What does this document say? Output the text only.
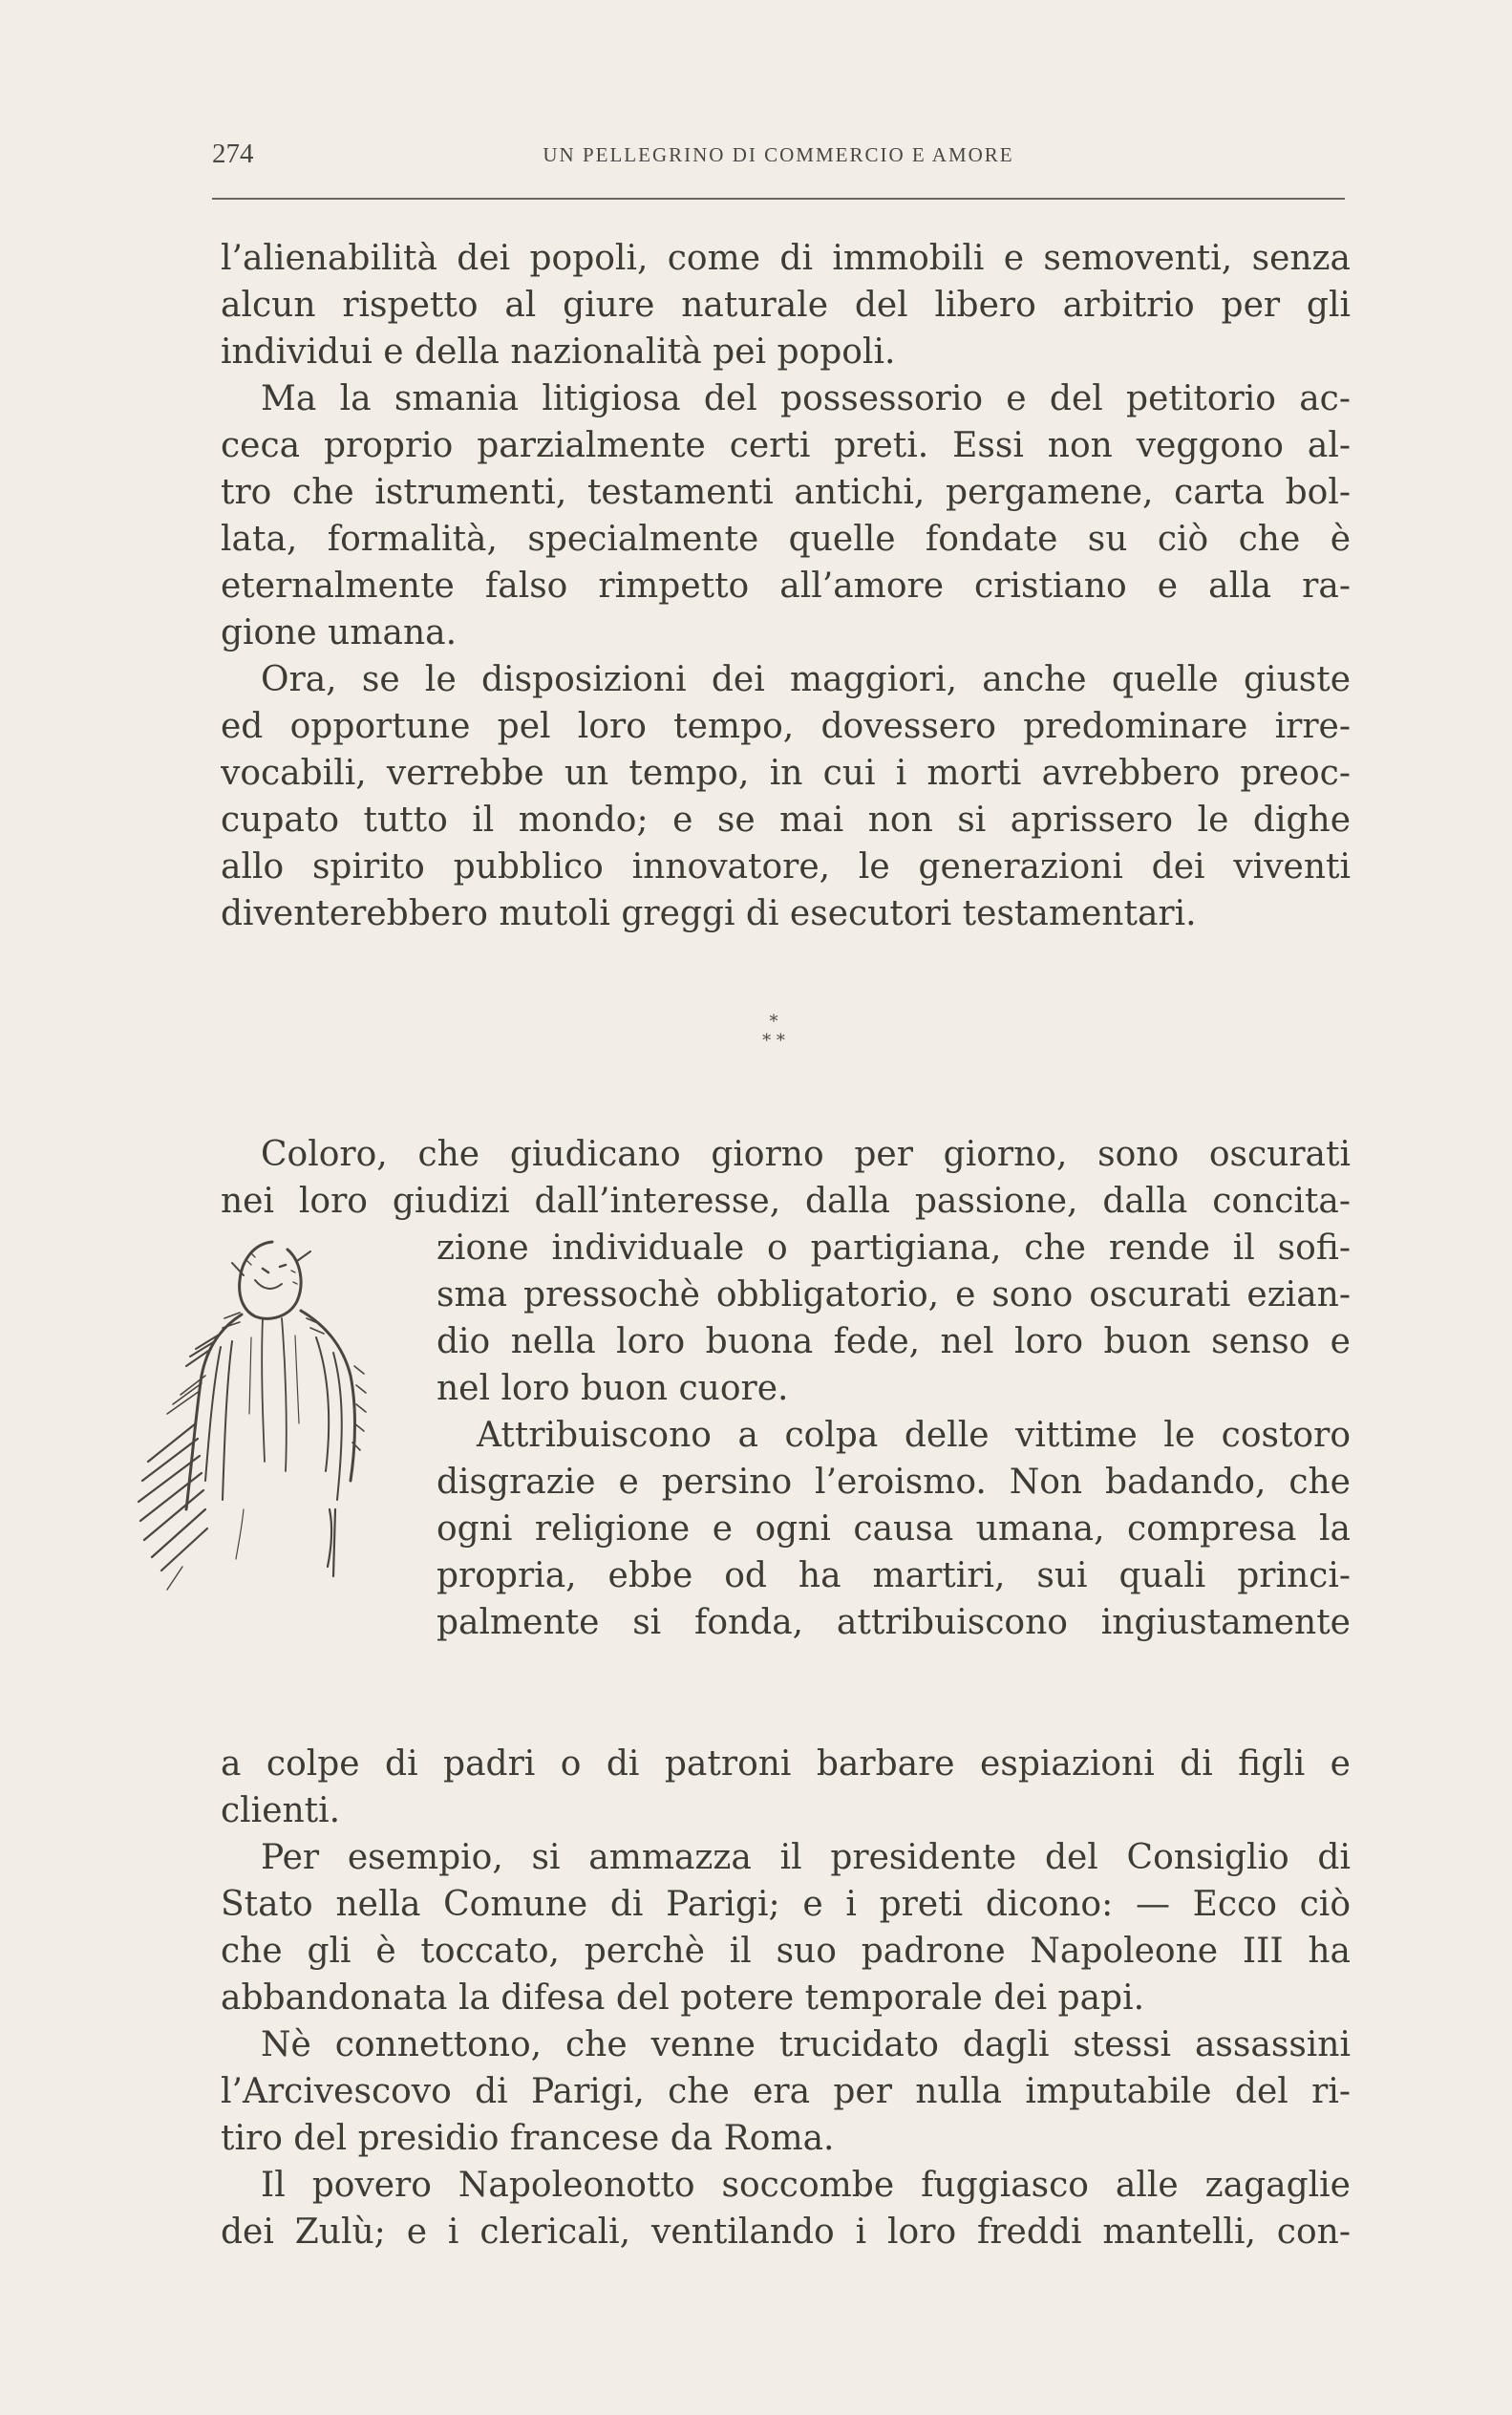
274	UN PELLEGRINO DI COMMERCIO E AMORE
l’alienabilità dei popoli, come di immobili e semoventi, senza
alcun rispetto al giure naturale del libero arbitrio per gli
individui e della nazionalità pei popoli.
Ma la smania litigiosa del possessorio e del petitorio ac-
ceca proprio parzialmente certi preti. Essi non veggono al-
tro che istrumenti, testamenti antichi, pergamene, carta bol-
lata, formalità, specialmente quelle fondate su ciò che è
eternalmente falso rimpetto all’amore cristiano e alla ra-
gione umana.
Ora, se le disposizioni dei maggiori, anche quelle giuste
ed opportune pel loro tempo, dovessero predominare irre-
vocabili, verrebbe un tempo, in cui i morti avrebbero preoc-
cupato tutto il mondo; e se mai non si aprissero le dighe
allo spirito pubblico innovatore, le generazioni dei viventi
diventerebbero mutoli greggi di esecutori testamentari.
*
* *
Coloro, che giudicano giorno per giorno, sono oscurati
nei loro giudizi dall’interesse, dalla passione, dalla concita-
zione individuale o partigiana, che rende il sofi-
sma pressochè obbligatorio, e sono oscurati ezian-
dio nella loro buona fede, nel loro buon senso e
nel loro buon cuore.
Attribuiscono a colpa delle vittime le costoro
disgrazie e persino l’eroismo. Non badando, che
ogni religione e ogni causa umana, compresa la
propria, ebbe od ha martiri, sui quali princi-
palmente si fonda, attribuiscono ingiustamente
a colpe di padri o di patroni barbare espiazioni di figli e
clienti.
Per esempio, si ammazza il presidente del Consiglio di
Stato nella Comune di Parigi; e i preti dicono: — Ecco ciò
che gli è toccato, perchè il suo padrone Napoleone III ha
abbandonata la difesa del potere temporale dei papi.
Nè connettono, che venne trucidato dagli stessi assassini
l’Arcivescovo di Parigi, che era per nulla imputabile del ri-
tiro del presidio francese da Roma.
Il povero Napoleonotto soccombe fuggiasco alle zagaglie
dei Zulù; e i clericali, ventilando i loro freddi mantelli, con-
